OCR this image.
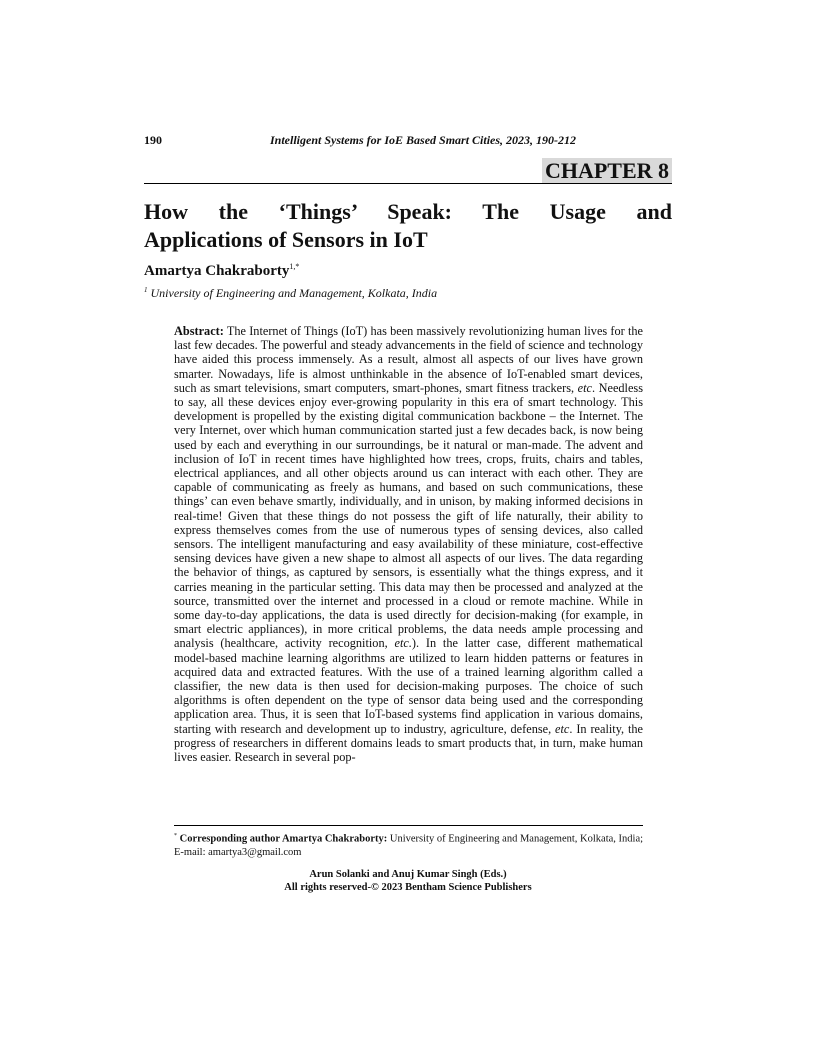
190	Intelligent Systems for IoE Based Smart Cities, 2023, 190-212
CHAPTER 8
How the ‘Things’ Speak: The Usage and
Applications of Sensors in IoT
Amartya Chakraborty$^{1,*}$
$^1$ University of Engineering and Management, Kolkata, India

Abstract: The Internet of Things (IoT) has been massively revolutionizing human lives for the last few decades. The powerful and steady advancements in the field of science and technology have aided this process immensely. As a result, almost all aspects of our lives have grown smarter. Nowadays, life is almost unthinkable in the absence of IoT-enabled smart devices, such as smart televisions, smart computers, smart-phones, smart fitness trackers, etc. Needless to say, all these devices enjoy ever-growing popularity in this era of smart technology. This development is propelled by the existing digital communication backbone – the Internet. The very Internet, over which human communication started just a few decades back, is now being used by each and everything in our surroundings, be it natural or man-made. The advent and inclusion of IoT in recent times have highlighted how trees, crops, fruits, chairs and tables, electrical appliances, and all other objects around us can interact with each other. They are capable of communicating as freely as humans, and based on such communications, these things’ can even behave smartly, individually, and in unison, by making informed decisions in real-time! Given that these things do not possess the gift of life naturally, their ability to express themselves comes from the use of numerous types of sensing devices, also called sensors. The intelligent manufacturing and easy availability of these miniature, cost-effective sensing devices have given a new shape to almost all aspects of our lives. The data regarding the behavior of things, as captured by sensors, is essentially what the things express, and it carries meaning in the particular setting. This data may then be processed and analyzed at the source, transmitted over the internet and processed in a cloud or remote machine. While in some day-to-day applications, the data is used directly for decision-making (for example, in smart electric appliances), in more critical problems, the data needs ample processing and analysis (healthcare, activity recognition, etc.). In the latter case, different mathematical model-based machine learning algorithms are utilized to learn hidden patterns or features in acquired data and extracted features. With the use of a trained learning algorithm called a classifier, the new data is then used for decision-making purposes. The choice of such algorithms is often dependent on the type of sensor data being used and the corresponding application area. Thus, it is seen that IoT-based systems find application in various domains, starting with research and development up to industry, agriculture, defense, etc. In reality, the progress of researchers in different domains leads to smart products that, in turn, make human lives easier. Research in several pop-

* Corresponding author Amartya Chakraborty: University of Engineering and Management, Kolkata, India; E-mail: amartya3@gmail.com

Arun Solanki and Anuj Kumar Singh (Eds.)
All rights reserved-© 2023 Bentham Science Publishers
